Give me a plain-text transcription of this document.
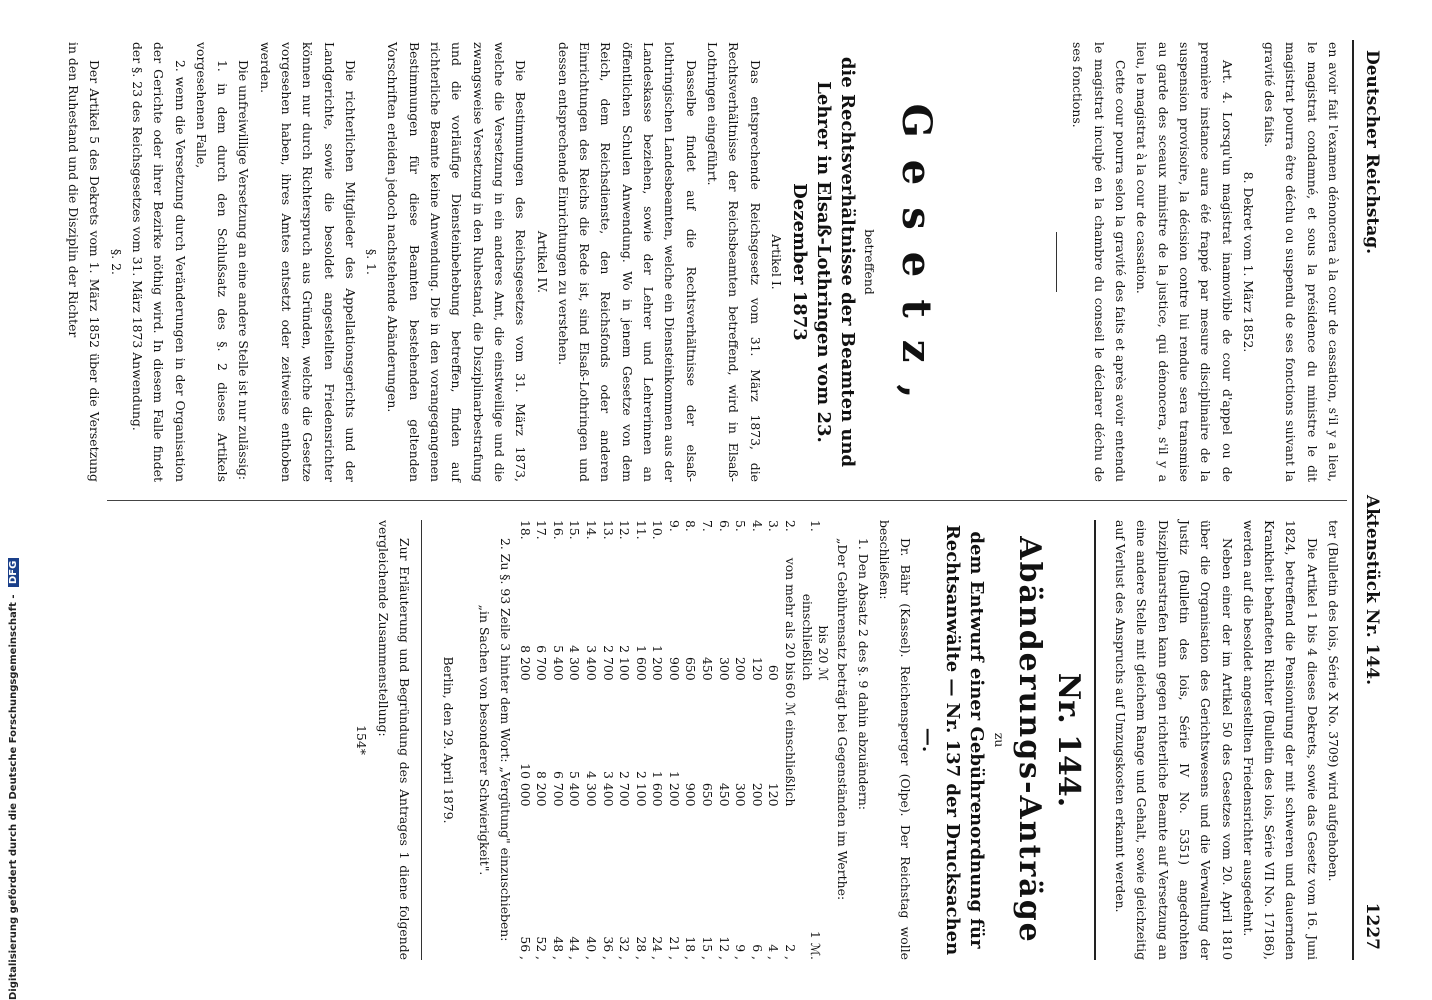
Deutscher Reichstag.
1227
Aktenstück Nr. 144.

en avoir fait l'examen dénoncera à la cour de cassation, s'il y a lieu, le magistrat condamné, et sous la présidence du ministre le dit magistrat pourra être déchu ou suspendu de ses fonctions suivant la gravité des faits.

8. Dekret vom 1. März 1852.

Art. 4. Lorsqu'un magistrat inamovible de cour d'appel ou de première instance aura été frappé par mesure disciplinaire de la suspension provisoire, la décision contre lui rendue sera transmise au garde des sceaux ministre de la justice, qui dénoncera, s'il y a lieu, le magistrat à la cour de cassation.

Cette cour pourra selon la gravité des faits et après avoir entendu le magistrat inculpé en la chambre du conseil le déclarer déchu de ses fonctions.

Gesetz,

betreffend

die Rechtsverhältnisse der Beamten und Lehrer in Elsaß-Lothringen vom 23. Dezember 1873

Artikel I.

Das entsprechende Reichsgesetz vom 31. März 1873, die Rechtsverhältnisse der Reichsbeamten betreffend, wird in Elsaß-Lothringen eingeführt.

Dasselbe findet auf die Rechtsverhältnisse der elsaß-lothringischen Landesbeamten, welche ein Diensteinkommen aus der Landeskasse beziehen, sowie der Lehrer und Lehrerinnen an öffentlichen Schulen Anwendung. Wo in jenem Gesetze von dem Reich, dem Reichsdienste, den Reichsfonds oder anderen Einrichtungen des Reichs die Rede ist, sind Elsaß-Lothringen und dessen entsprechende Einrichtungen zu verstehen.

Artikel IV.

Die Bestimmungen des Reichsgesetzes vom 31. März 1873, welche die Versetzung in ein anderes Amt, die einstweilige und die zwangsweise Versetzung in den Ruhestand, die Disziplinarbestrafung und die vorläufige Diensteinbehebung betreffen, finden auf richterliche Beamte keine Anwendung. Die in den vorangegangenen Bestimmungen für diese Beamten bestehenden geltenden Vorschriften erleiden jedoch nachstehende Abänderungen.

§. 1.

Die richterlichen Mitglieder des Appellationsgerichts und der Landgerichte, sowie die besoldet angestellten Friedensrichter können nur durch Richterspruch aus Gründen, welche die Gesetze vorgesehen haben, ihres Amtes entsetzt oder zeitweise enthoben werden.

Die unfreiwillige Versetzung an eine andere Stelle ist nur zulässig:

1. in dem durch den Schlußsatz des §. 2 dieses Artikels vorgesehenen Falle,

2. wenn die Versetzung durch Veränderungen in der Organisation der Gerichte oder ihrer Bezirke nöthig wird. In diesem Falle findet der §. 23 des Reichsgesetzes vom 31. März 1873 Anwendung.

§. 2.

Der Artikel 5 des Dekrets vom 1. März 1852 über die Versetzung in den Ruhestand und die Disziplin der Richter

ter (Bulletin des lois, Série X No. 3709) wird aufgehoben.

Die Artikel 1 bis 4 dieses Dekrets, sowie das Gesetz vom 16. Juni 1824, betreffend die Pensionirung der mit schweren und dauernden Krankheit behafteten Richter (Bulletin des lois, Série VII No. 17186), werden auf die besoldet angestellten Friedensrichter ausgedehnt.

Neben einer der im Artikel 50 des Gesetzes vom 20. April 1810 über die Organisation des Gerichtswesens und die Verwaltung der Justiz (Bulletin des lois, Série IV No. 5351) angedrohten Disziplinarstrafen kann gegen richterliche Beamte auf Versetzung an eine andere Stelle mit gleichem Range und Gehalt, sowie gleichzeitig auf Verlust des Anspruchs auf Umzugskosten erkannt werden.

Nr. 144.
Abänderungs-Anträge

zu

dem Entwurf einer Gebührenordnung für Rechtsanwälte — Nr. 137 der Drucksachen —.

Dr. Bähr (Kassel). Reichensperger (Olpe). Der Reichstag wolle beschließen:

1. Den Absatz 2 des §. 9 dahin abzuändern:

„Der Gebührensatz beträgt bei Gegenständen im Werthe:

1.	bis 20 ℳ einschließlich			1 ℳ.
2.	von mehr als 20 bis	60 ℳ einschließlich		2 ,
3.	60	120		4 ,
4.	120	200		6 ,
5.	200	300		9 ,
6.	300	450		12 ,
7.	450	650		15 ,
8.	650	900		18 ,
9.	900	1 200		21 ,
10.	1 200	1 600		24 ,
11.	1 600	2 100		28 ,
12.	2 100	2 700		32 ,
13.	2 700	3 400		36 ,
14.	3 400	4 300		40 ,
15.	4 300	5 400		44 ,
16.	5 400	6 700		48 ,
17.	6 700	8 200		52 ,
18.	8 200	10 000		56 ,

2. Zu §. 93 Zeile 3 hinter dem Wort: „Vergütung" einzuschieben:

„in Sachen von besonderer Schwierigkeit".

Berlin, den 29. April 1879.

Zur Erläuterung und Begründung des Antrages 1 diene folgende vergleichende Zusammenstellung:

154*

Digitalisierung gefördert durch die Deutsche Forschungsgemeinschaft - DFG
